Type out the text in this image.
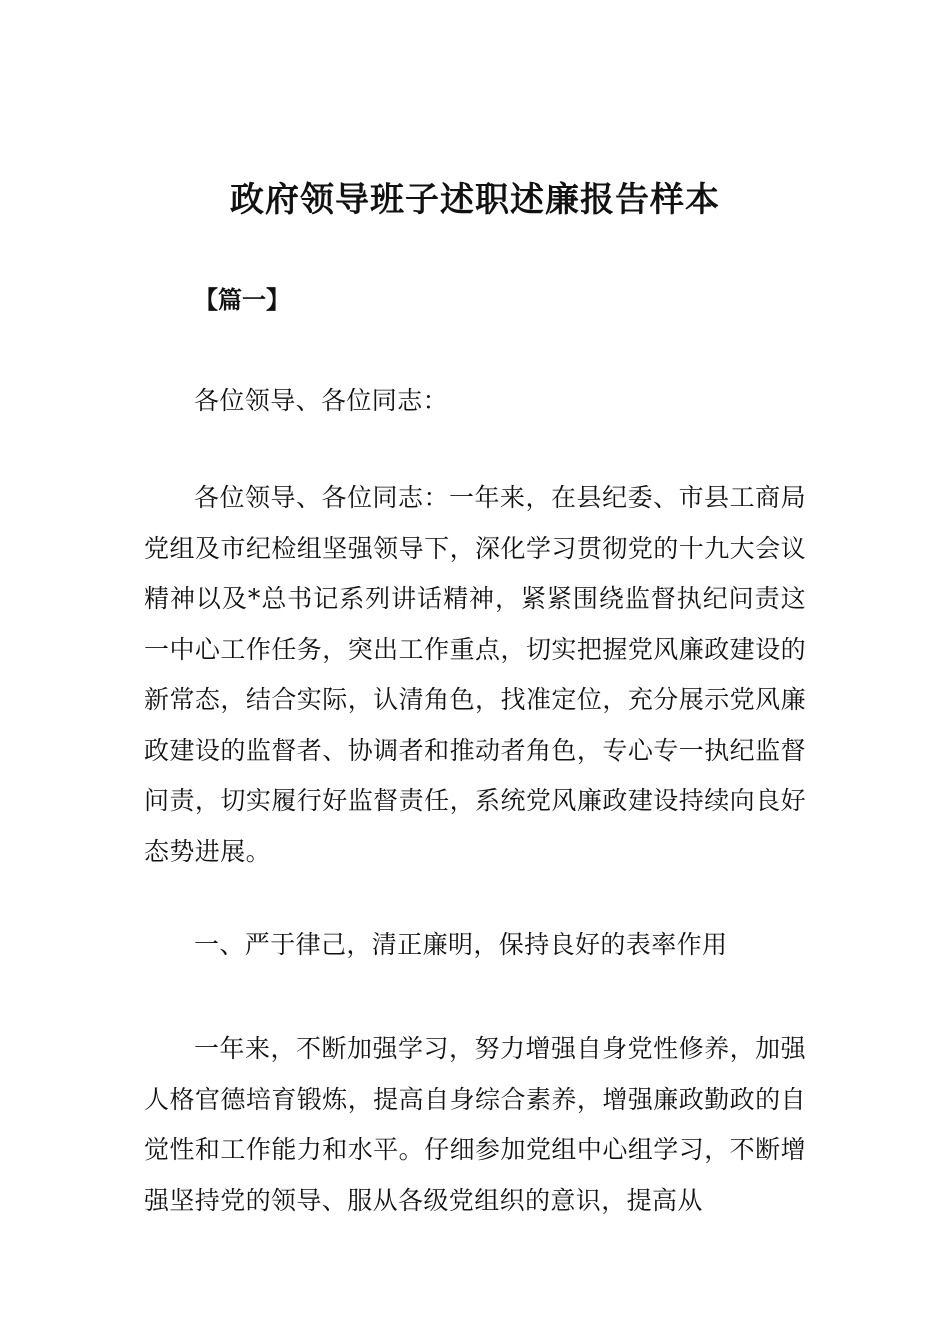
政府领导班子述职述廉报告样本

【篇一】

各位领导、各位同志：

各位领导、各位同志：一年来，在县纪委、市县工商局党组及市纪检组坚强领导下，深化学习贯彻党的十九大会议精神以及*总书记系列讲话精神，紧紧围绕监督执纪问责这一中心工作任务，突出工作重点，切实把握党风廉政建设的新常态，结合实际，认清角色，找准定位，充分展示党风廉政建设的监督者、协调者和推动者角色，专心专一执纪监督问责，切实履行好监督责任，系统党风廉政建设持续向良好态势进展。

一、严于律己，清正廉明，保持良好的表率作用

一年来，不断加强学习，努力增强自身党性修养，加强人格官德培育锻炼，提高自身综合素养，增强廉政勤政的自觉性和工作能力和水平。仔细参加党组中心组学习，不断增强坚持党的领导、服从各级党组织的意识，提高从
